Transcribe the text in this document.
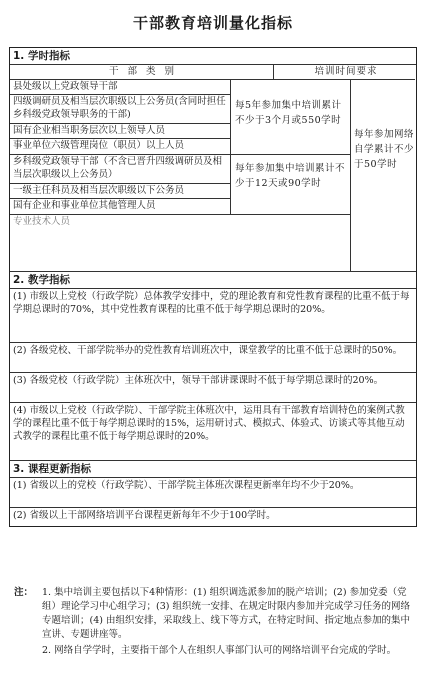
干部教育培训量化指标
1. 学时指标
干 部 类 别	培训时间要求
县处级以上党政领导干部
四级调研员及相当层次职级以上公务员(含同时担任乡科级党政领导职务的干部)
国有企业相当职务层次以上领导人员
事业单位六级管理岗位（职员）以上人员
乡科级党政领导干部（不含已晋升四级调研员及相当层次职级以上公务员）
一级主任科员及相当层次职级以下公务员
国有企业和事业单位其他管理人员
专业技术人员
每5年参加集中培训累计不少于3个月或550学时
每年参加集中培训累计不少于12天或90学时
每年参加网络自学累计不少于50学时
2. 教学指标
(1) 市级以上党校（行政学院）总体教学安排中，党的理论教育和党性教育课程的比重不低于每学期总课时的70%，其中党性教育课程的比重不低于每学期总课时的20%。
(2) 各级党校、干部学院举办的党性教育培训班次中，课堂教学的比重不低于总课时的50%。
(3) 各级党校（行政学院）主体班次中，领导干部讲课课时不低于每学期总课时的20%。
(4) 市级以上党校（行政学院）、干部学院主体班次中，运用具有干部教育培训特色的案例式教学的课程比重不低于每学期总课时的15%，运用研讨式、模拟式、体验式、访谈式等其他互动式教学的课程比重不低于每学期总课时的20%。
3. 课程更新指标
(1) 省级以上的党校（行政学院）、干部学院主体班次课程更新率年均不少于20%。
(2) 省级以上干部网络培训平台课程更新每年不少于100学时。
注： 1. 集中培训主要包括以下4种情形：(1) 组织调选派参加的脱产培训；(2) 参加党委（党组）理论学习中心组学习；(3) 组织统一安排、在规定时限内参加并完成学习任务的网络专题培训；(4) 由组织安排，采取线上、线下等方式，在特定时间、指定地点参加的集中宣讲、专题讲座等。
2. 网络自学学时，主要指干部个人在组织人事部门认可的网络培训平台完成的学时。
